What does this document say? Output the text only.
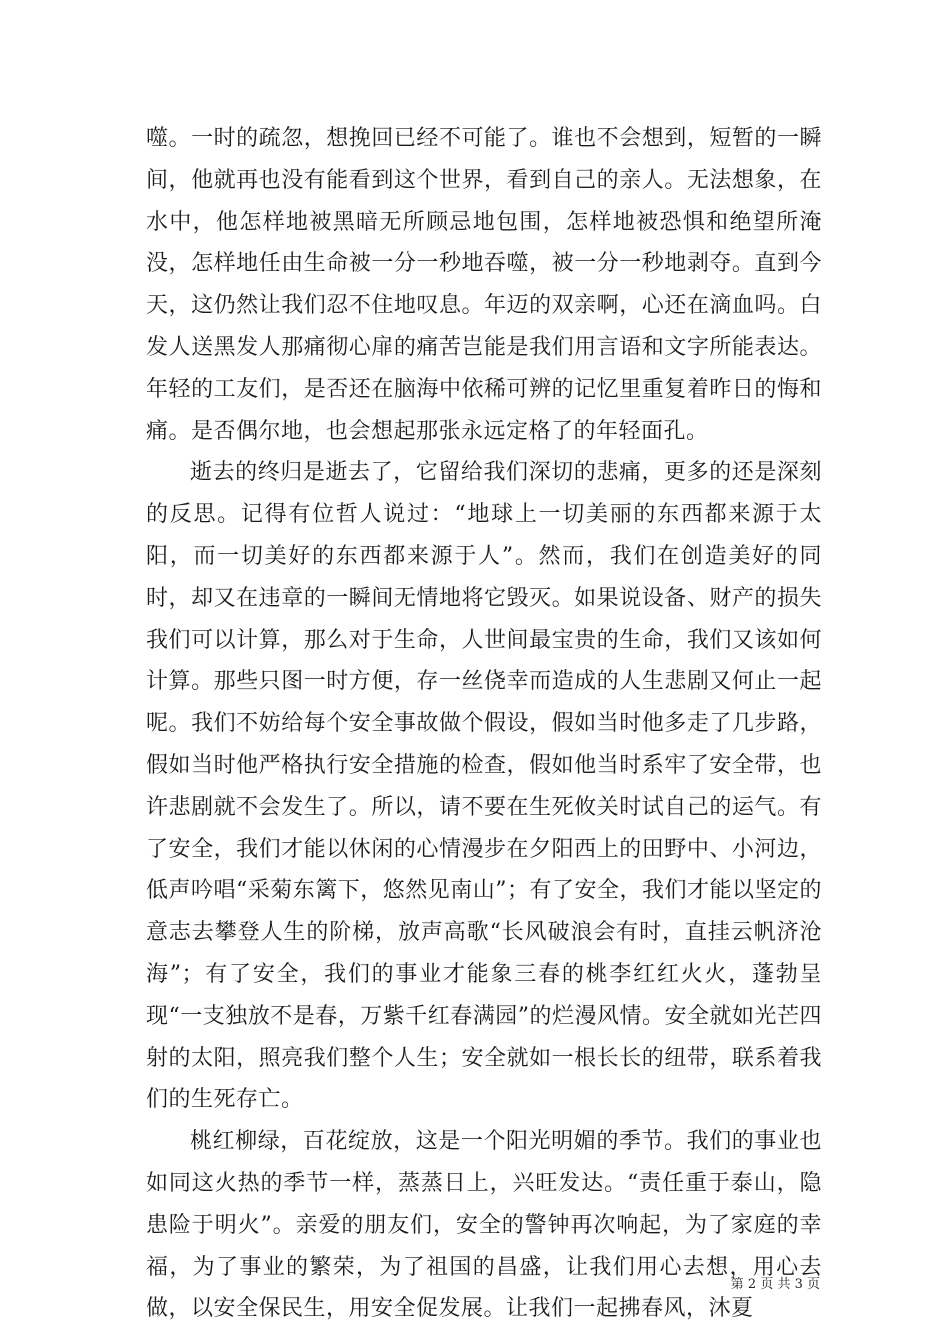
噬。一时的疏忽，想挽回已经不可能了。谁也不会想到，短暂的一瞬间，他就再也没有能看到这个世界，看到自己的亲人。无法想象，在水中，他怎样地被黑暗无所顾忌地包围，怎样地被恐惧和绝望所淹没，怎样地任由生命被一分一秒地吞噬，被一分一秒地剥夺。直到今天，这仍然让我们忍不住地叹息。年迈的双亲啊，心还在滴血吗。白发人送黑发人那痛彻心扉的痛苦岂能是我们用言语和文字所能表达。年轻的工友们，是否还在脑海中依稀可辨的记忆里重复着昨日的悔和痛。是否偶尔地，也会想起那张永远定格了的年轻面孔。

逝去的终归是逝去了，它留给我们深切的悲痛，更多的还是深刻的反思。记得有位哲人说过：“地球上一切美丽的东西都来源于太阳，而一切美好的东西都来源于人”。然而，我们在创造美好的同时，却又在违章的一瞬间无情地将它毁灭。如果说设备、财产的损失我们可以计算，那么对于生命，人世间最宝贵的生命，我们又该如何计算。那些只图一时方便，存一丝侥幸而造成的人生悲剧又何止一起呢。我们不妨给每个安全事故做个假设，假如当时他多走了几步路，假如当时他严格执行安全措施的检查，假如他当时系牢了安全带，也许悲剧就不会发生了。所以，请不要在生死攸关时试自己的运气。有了安全，我们才能以休闲的心情漫步在夕阳西上的田野中、小河边，低声吟唱“采菊东篱下，悠然见南山”；有了安全，我们才能以坚定的意志去攀登人生的阶梯，放声高歌“长风破浪会有时，直挂云帆济沧海”；有了安全，我们的事业才能象三春的桃李红红火火，蓬勃呈现“一支独放不是春，万紫千红春满园”的烂漫风情。安全就如光芒四射的太阳，照亮我们整个人生；安全就如一根长长的纽带，联系着我们的生死存亡。

桃红柳绿，百花绽放，这是一个阳光明媚的季节。我们的事业也如同这火热的季节一样，蒸蒸日上，兴旺发达。“责任重于泰山，隐患险于明火”。亲爱的朋友们，安全的警钟再次响起，为了家庭的幸福，为了事业的繁荣，为了祖国的昌盛，让我们用心去想，用心去做，以安全保民生，用安全促发展。让我们一起拂春风，沐夏

第 2 页 共 3 页
